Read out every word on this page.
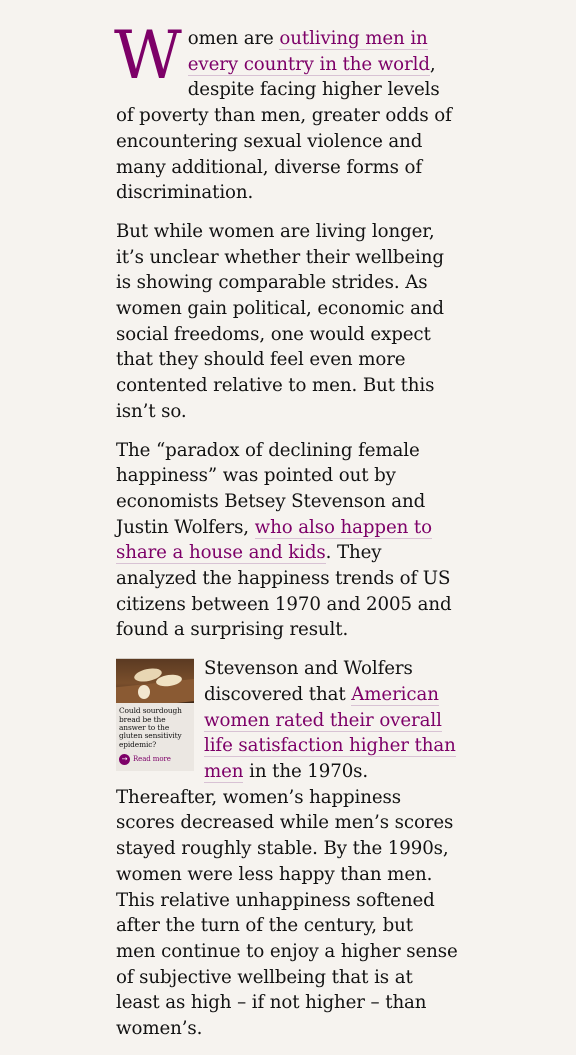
Women are outliving men in every country in the world, despite facing higher levels of poverty than men, greater odds of encountering sexual violence and many additional, diverse forms of discrimination.

But while women are living longer, it’s unclear whether their wellbeing is showing comparable strides. As women gain political, economic and social freedoms, one would expect that they should feel even more contented relative to men. But this isn’t so.

The “paradox of declining female happiness” was pointed out by economists Betsey Stevenson and Justin Wolfers, who also happen to share a house and kids. They analyzed the happiness trends of US citizens between 1970 and 2005 and found a surprising result.

Could sourdough bread be the answer to the gluten sensitivity epidemic?
→ Read more
Stevenson and Wolfers discovered that American women rated their overall life satisfaction higher than men in the 1970s. Thereafter, women’s happiness scores decreased while men’s scores stayed roughly stable. By the 1990s, women were less happy than men. This relative unhappiness softened after the turn of the century, but men continue to enjoy a higher sense of subjective wellbeing that is at least as high – if not higher – than women’s.
